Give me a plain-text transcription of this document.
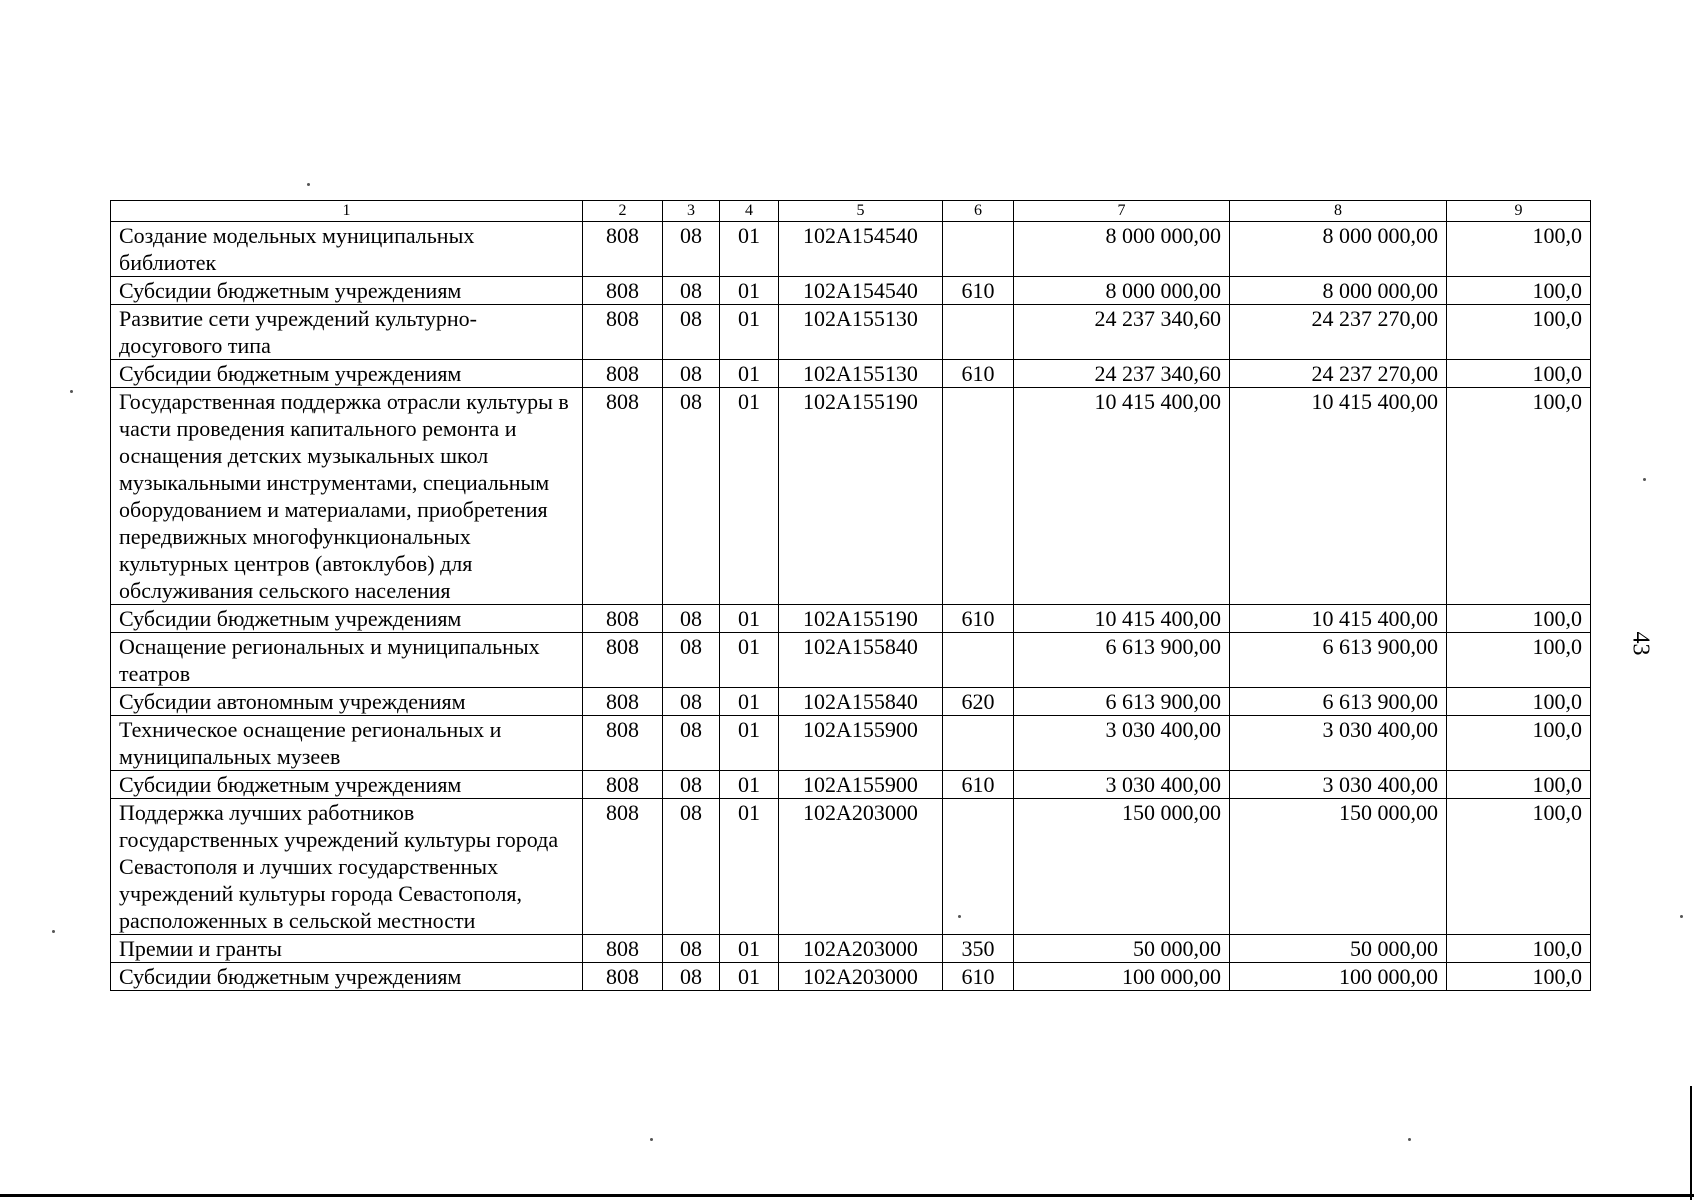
1	2	3	4	5	6	7	8	9
Создание модельных муниципальных библиотек	808	08	01	102А154540		8 000 000,00	8 000 000,00	100,0
Субсидии бюджетным учреждениям	808	08	01	102А154540	610	8 000 000,00	8 000 000,00	100,0
Развитие сети учреждений культурно-досугового типа	808	08	01	102А155130		24 237 340,60	24 237 270,00	100,0
Субсидии бюджетным учреждениям	808	08	01	102А155130	610	24 237 340,60	24 237 270,00	100,0
Государственная поддержка отрасли культуры в части проведения капитального ремонта и оснащения детских музыкальных школ музыкальными инструментами, специальным оборудованием и материалами, приобретения передвижных многофункциональных культурных центров (автоклубов) для обслуживания сельского населения	808	08	01	102А155190		10 415 400,00	10 415 400,00	100,0
Субсидии бюджетным учреждениям	808	08	01	102А155190	610	10 415 400,00	10 415 400,00	100,0
Оснащение региональных и муниципальных театров	808	08	01	102А155840		6 613 900,00	6 613 900,00	100,0
Субсидии автономным учреждениям	808	08	01	102А155840	620	6 613 900,00	6 613 900,00	100,0
Техническое оснащение региональных и муниципальных музеев	808	08	01	102А155900		3 030 400,00	3 030 400,00	100,0
Субсидии бюджетным учреждениям	808	08	01	102А155900	610	3 030 400,00	3 030 400,00	100,0
Поддержка лучших работников государственных учреждений культуры города Севастополя и лучших государственных учреждений культуры города Севастополя, расположенных в сельской местности	808	08	01	102А203000		150 000,00	150 000,00	100,0
Премии и гранты	808	08	01	102А203000	350	50 000,00	50 000,00	100,0
Субсидии бюджетным учреждениям	808	08	01	102А203000	610	100 000,00	100 000,00	100,0
43
